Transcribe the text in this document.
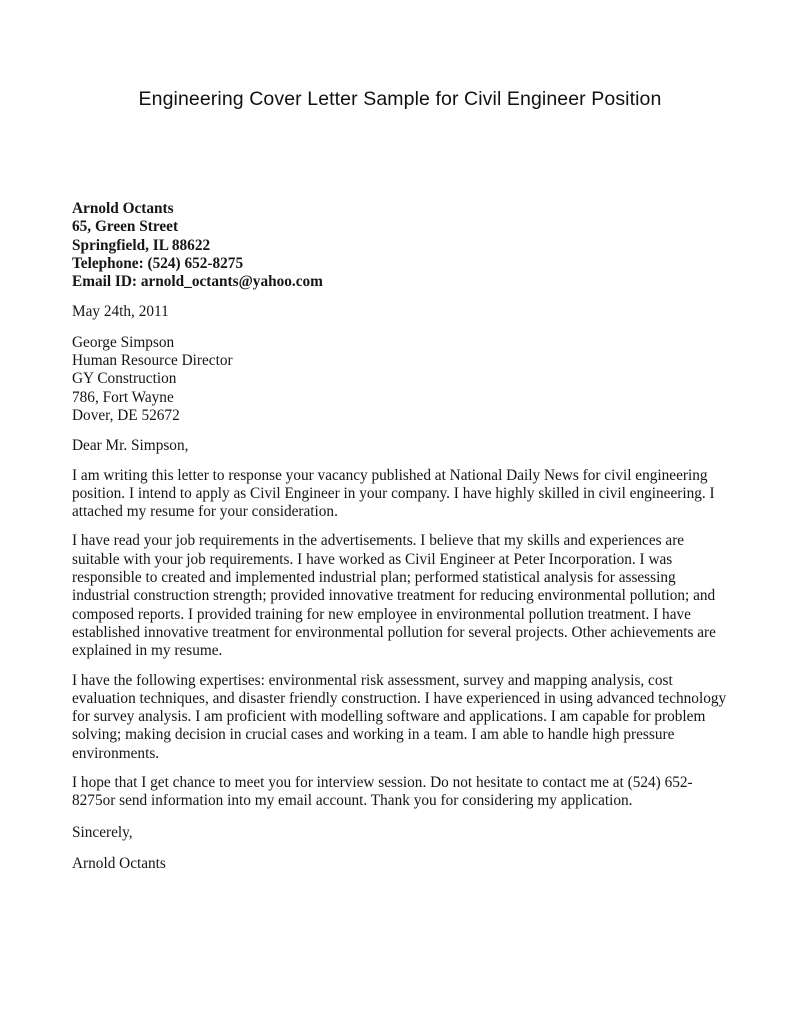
Engineering Cover Letter Sample for Civil Engineer Position
Arnold Octants
65, Green Street
Springfield, IL 88622
Telephone: (524) 652-8275
Email ID: arnold_octants@yahoo.com
May 24th, 2011
George Simpson
Human Resource Director
GY Construction
786, Fort Wayne
Dover, DE 52672
Dear Mr. Simpson,

I am writing this letter to response your vacancy published at National Daily News for civil engineering position. I intend to apply as Civil Engineer in your company. I have highly skilled in civil engineering. I attached my resume for your consideration.

I have read your job requirements in the advertisements. I believe that my skills and experiences are suitable with your job requirements. I have worked as Civil Engineer at Peter Incorporation. I was responsible to created and implemented industrial plan; performed statistical analysis for assessing industrial construction strength; provided innovative treatment for reducing environmental pollution; and composed reports. I provided training for new employee in environmental pollution treatment. I have established innovative treatment for environmental pollution for several projects. Other achievements are explained in my resume.

I have the following expertises: environmental risk assessment, survey and mapping analysis, cost evaluation techniques, and disaster friendly construction. I have experienced in using advanced technology for survey analysis. I am proficient with modelling software and applications. I am capable for problem solving; making decision in crucial cases and working in a team. I am able to handle high pressure environments.

I hope that I get chance to meet you for interview session. Do not hesitate to contact me at (524) 652-8275or send information into my email account. Thank you for considering my application.

Sincerely,
Arnold Octants
